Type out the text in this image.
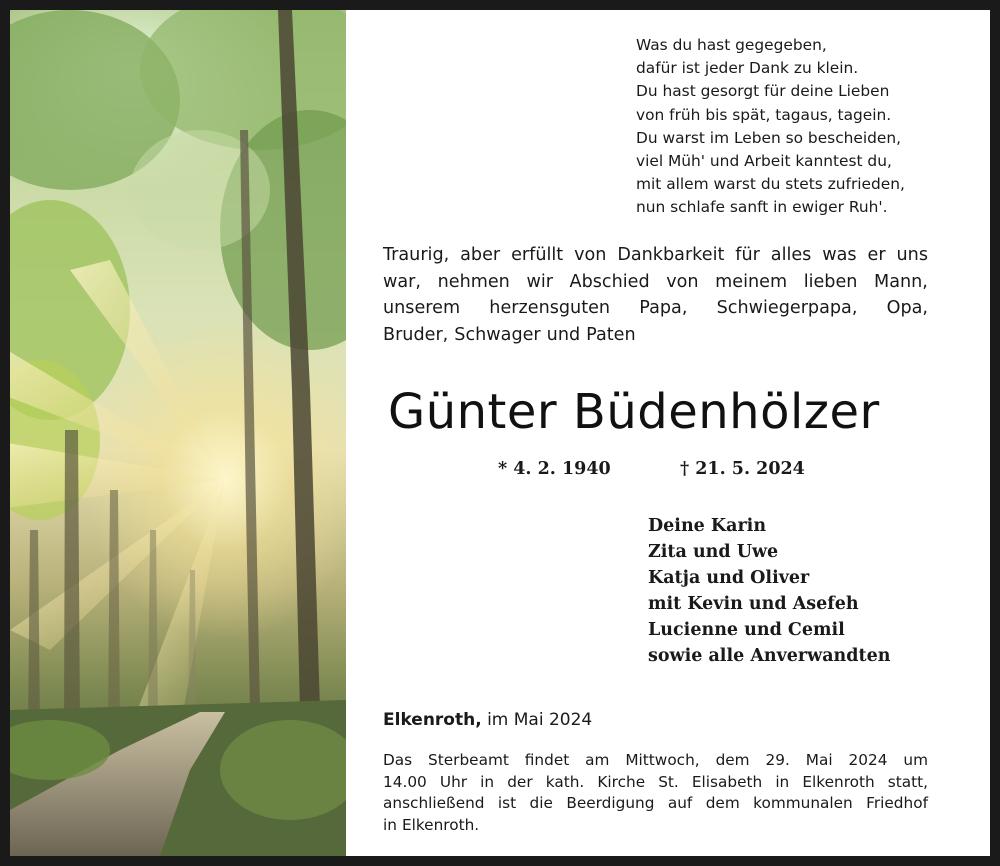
Was du hast gegegeben,
dafür ist jeder Dank zu klein.
Du hast gesorgt für deine Lieben
von früh bis spät, tagaus, tagein.
Du warst im Leben so bescheiden,
viel Müh' und Arbeit kanntest du,
mit allem warst du stets zufrieden,
nun schlafe sanft in ewiger Ruh'.
Traurig, aber erfüllt von Dankbarkeit für alles was er uns
war, nehmen wir Abschied von meinem lieben Mann,
unserem herzensguten Papa, Schwiegerpapa, Opa,
Bruder, Schwager und Paten
Günter Büdenhölzer
* 4. 2. 1940	† 21. 5. 2024
Deine Karin
Zita und Uwe
Katja und Oliver
mit Kevin und Asefeh
Lucienne und Cemil
sowie alle Anverwandten
Elkenroth, im Mai 2024
Das Sterbeamt findet am Mittwoch, dem 29. Mai 2024 um
14.00 Uhr in der kath. Kirche St. Elisabeth in Elkenroth statt,
anschließend ist die Beerdigung auf dem kommunalen Friedhof
in Elkenroth.
